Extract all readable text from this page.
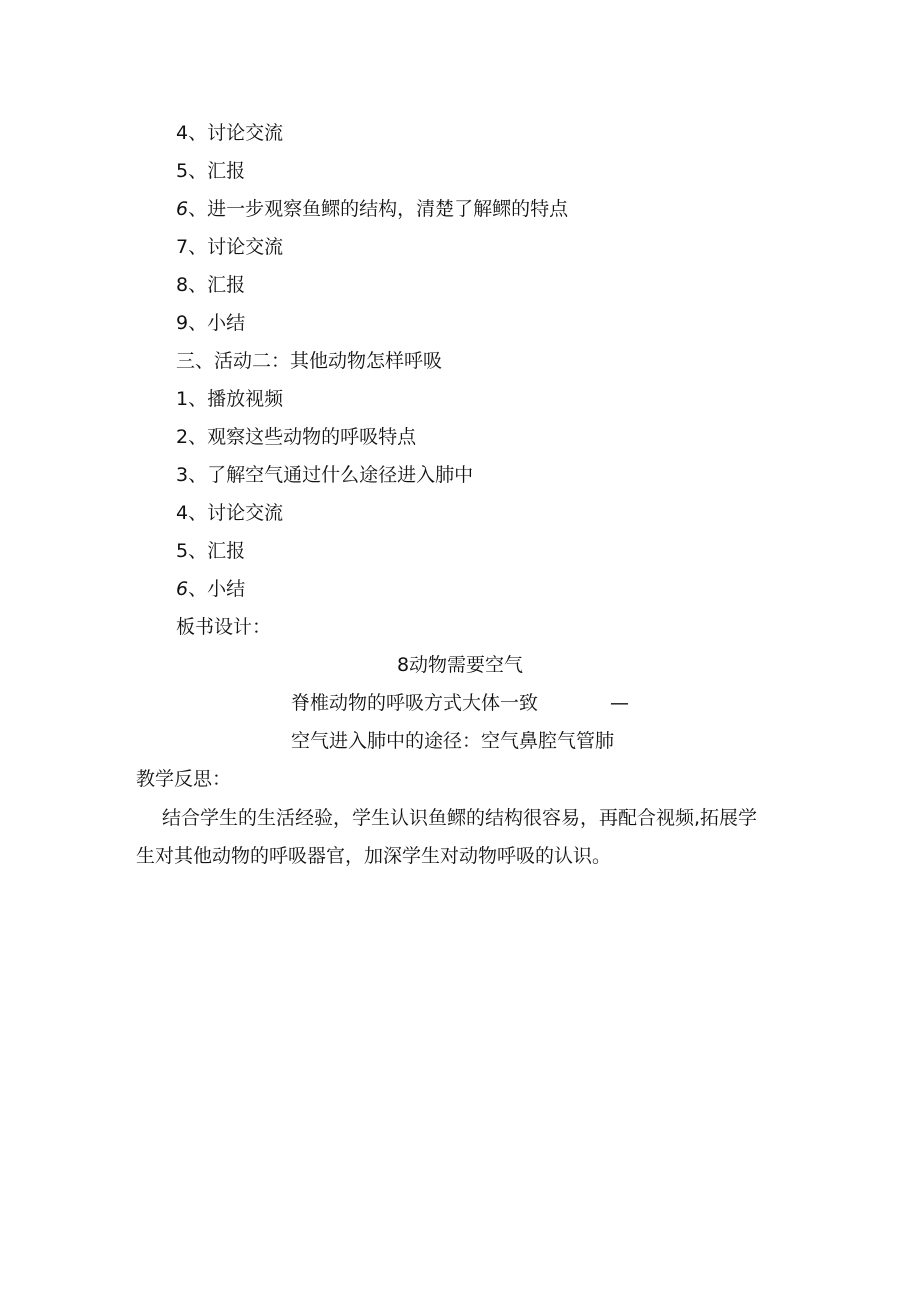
4、讨论交流
5、汇报
6、进一步观察鱼鳏的结构，清楚了解鳏的特点
7、讨论交流
8、汇报
9、小结
三、活动二：其他动物怎样呼吸
1、播放视频
2、观察这些动物的呼吸特点
3、了解空气通过什么途径进入肺中
4、讨论交流
5、汇报
6、小结
板书设计：
8动物需要空气
脊椎动物的呼吸方式大体一致	—
空气进入肺中的途径：空气鼻腔气管肺
教学反思：
结合学生的生活经验，学生认识鱼鳏的结构很容易，再配合视频,拓展学生对其他动物的呼吸器官，加深学生对动物呼吸的认识。
